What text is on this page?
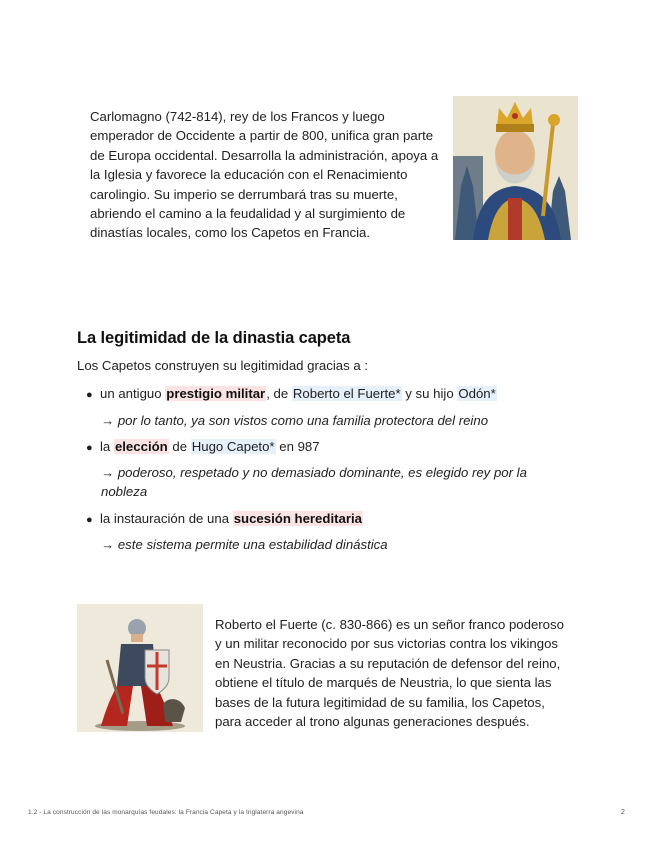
Carlomagno (742-814), rey de los Francos y luego emperador de Occidente a partir de 800, unifica gran parte de Europa occidental. Desarrolla la administración, apoya a la Iglesia y favorece la educación con el Renacimiento carolingio. Su imperio se derrumbará tras su muerte, abriendo el camino a la feudalidad y al surgimiento de dinastías locales, como los Capetos en Francia.
La legitimidad de la dinastia capeta
Los Capetos construyen su legitimidad gracias a :
● un antiguo prestigio militar, de Roberto el Fuerte* y su hijo Odón*
→ por lo tanto, ya son vistos como una familia protectora del reino
● la elección de Hugo Capeto* en 987
→ poderoso, respetado y no demasiado dominante, es elegido rey por la nobleza
● la instauración de una sucesión hereditaria
→ este sistema permite una estabilidad dinástica
Roberto el Fuerte (c. 830-866) es un señor franco poderoso y un militar reconocido por sus victorias contra los vikingos en Neustria. Gracias a su reputación de defensor del reino, obtiene el título de marqués de Neustria, lo que sienta las bases de la futura legitimidad de su familia, los Capetos, para acceder al trono algunas generaciones después.
1.2 - La construcción de las monarquías feudales: la Francia Capeta y la Inglaterra angevina	2
